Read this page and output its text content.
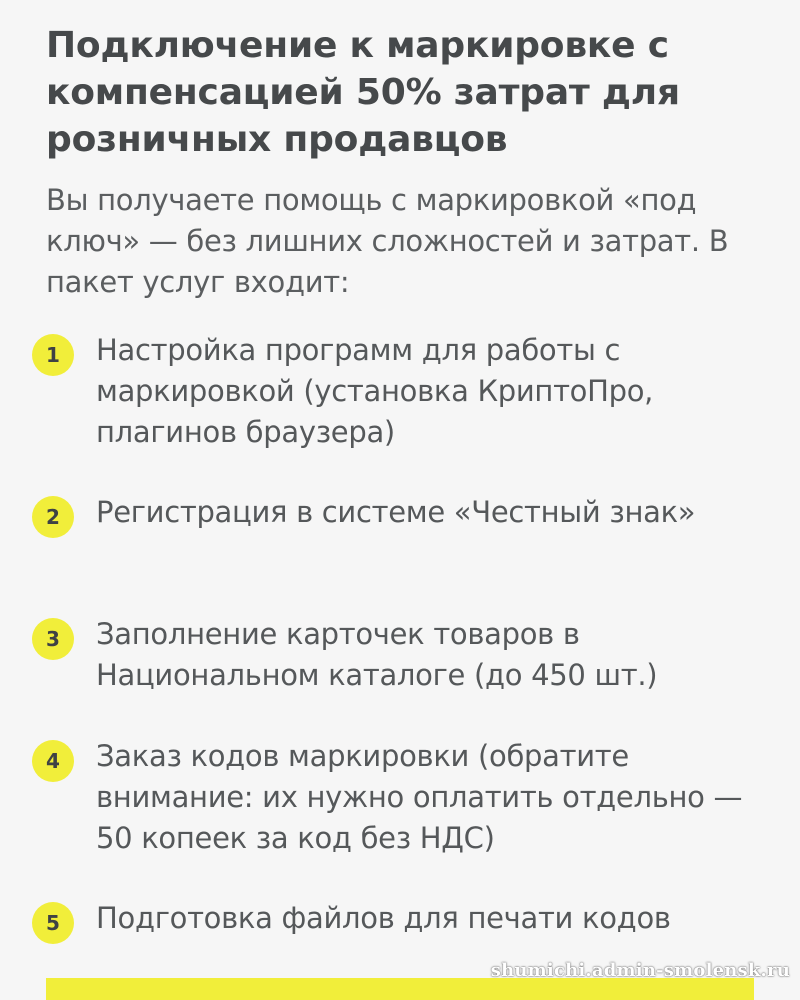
Подключение к маркировке с компенсацией 50% затрат для розничных продавцов

Вы получаете помощь с маркировкой «под ключ» — без лишних сложностей и затрат. В пакет услуг входит:

1	Настройка программ для работы с маркировкой (установка КриптоПро, плагинов браузера)

2	Регистрация в системе «Честный знак»

3	Заполнение карточек товаров в Национальном каталоге (до 450 шт.)

4	Заказ кодов маркировки (обратите внимание: их нужно оплатить отдельно — 50 копеек за код без НДС)

5	Подготовка файлов для печати кодов

shumichi.admin-smolensk.ru
